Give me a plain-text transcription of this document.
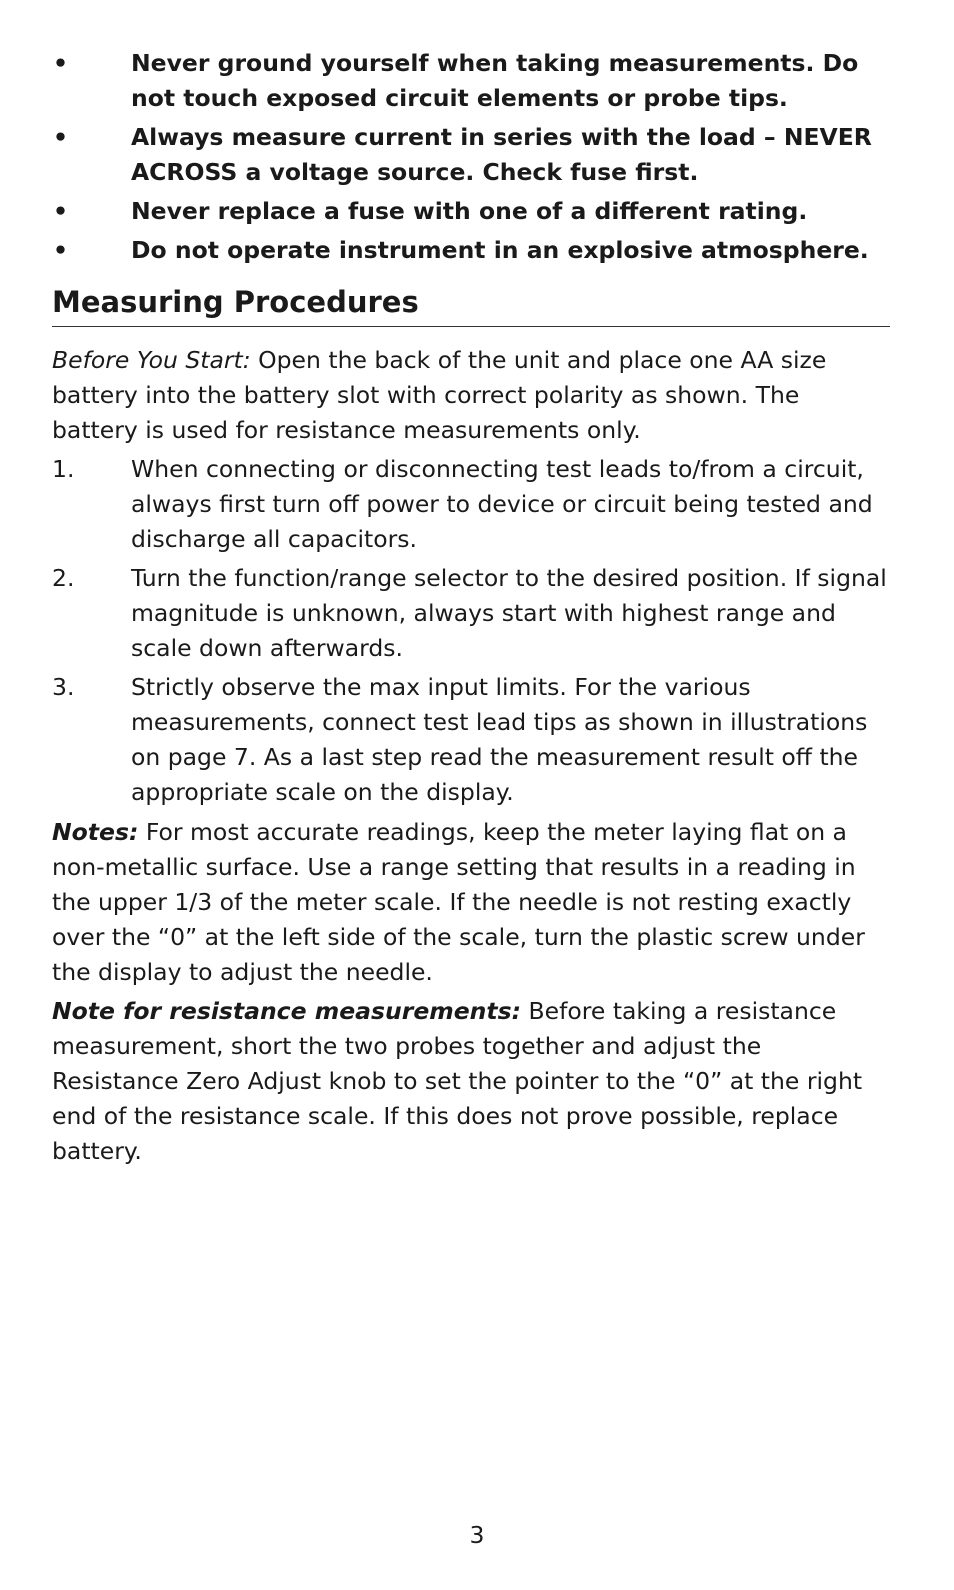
•	Never ground yourself when taking measurements. Do not touch exposed circuit elements or probe tips.
•	Always measure current in series with the load – NEVER ACROSS a voltage source. Check fuse first.
•	Never replace a fuse with one of a different rating.
•	Do not operate instrument in an explosive atmosphere.
Measuring Procedures

Before You Start: Open the back of the unit and place one AA size battery into the battery slot with correct polarity as shown. The battery is used for resistance measurements only.

1. When connecting or disconnecting test leads to/from a circuit, always first turn off power to device or circuit being tested and discharge all capacitors.
2. Turn the function/range selector to the desired position. If signal magnitude is unknown, always start with highest range and scale down afterwards.
3. Strictly observe the max input limits. For the various measurements, connect test lead tips as shown in illustrations on page 7. As a last step read the measurement result off the appropriate scale on the display.

Notes: For most accurate readings, keep the meter laying flat on a non-metallic surface. Use a range setting that results in a reading in the upper 1/3 of the meter scale. If the needle is not resting exactly over the “0” at the left side of the scale, turn the plastic screw under the display to adjust the needle.

Note for resistance measurements: Before taking a resistance measurement, short the two probes together and adjust the Resistance Zero Adjust knob to set the pointer to the “0” at the right end of the resistance scale. If this does not prove possible, replace battery.

3
